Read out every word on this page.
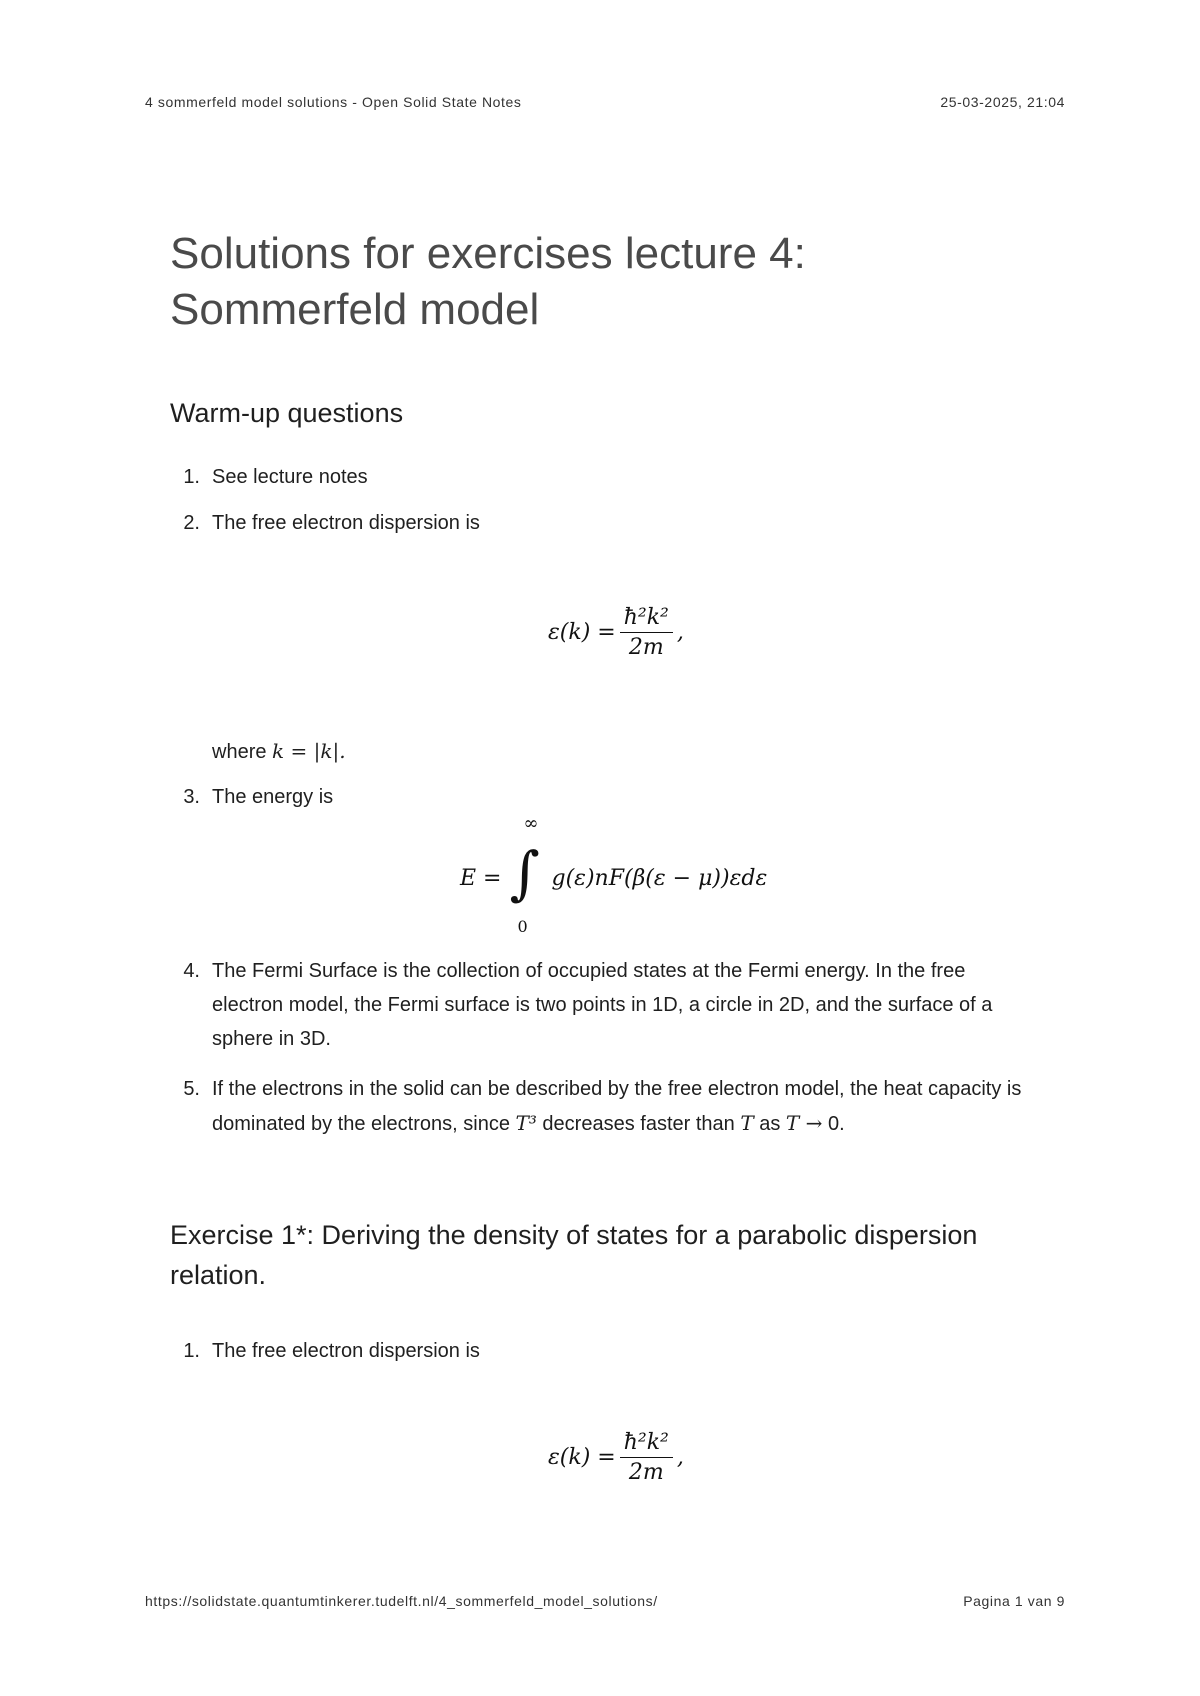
4 sommerfeld model solutions - Open Solid State Notes	25-03-2025, 21:04
Solutions for exercises lecture 4: Sommerfeld model
Warm-up questions
1. See lecture notes
2. The free electron dispersion is
$\varepsilon(k) = \frac{\text{ħ²k²}}{2m}$ ,
where k = |k|.
3. The energy is
E = ∫
∞
0
g(ε)nF(β(ε − μ))εdε
4. The Fermi Surface is the collection of occupied states at the Fermi energy. In the free electron model, the Fermi surface is two points in 1D, a circle in 2D, and the surface of a sphere in 3D.
5. If the electrons in the solid can be described by the free electron model, the heat capacity is dominated by the electrons, since T³ decreases faster than T as T → 0.
Exercise 1*: Deriving the density of states for a parabolic dispersion relation.
1. The free electron dispersion is
$\varepsilon(k) = \frac{\text{ħ²k²}}{2m}$ ,
https://solidstate.quantumtinkerer.tudelft.nl/4_sommerfeld_model_solutions/	Pagina 1 van 9
